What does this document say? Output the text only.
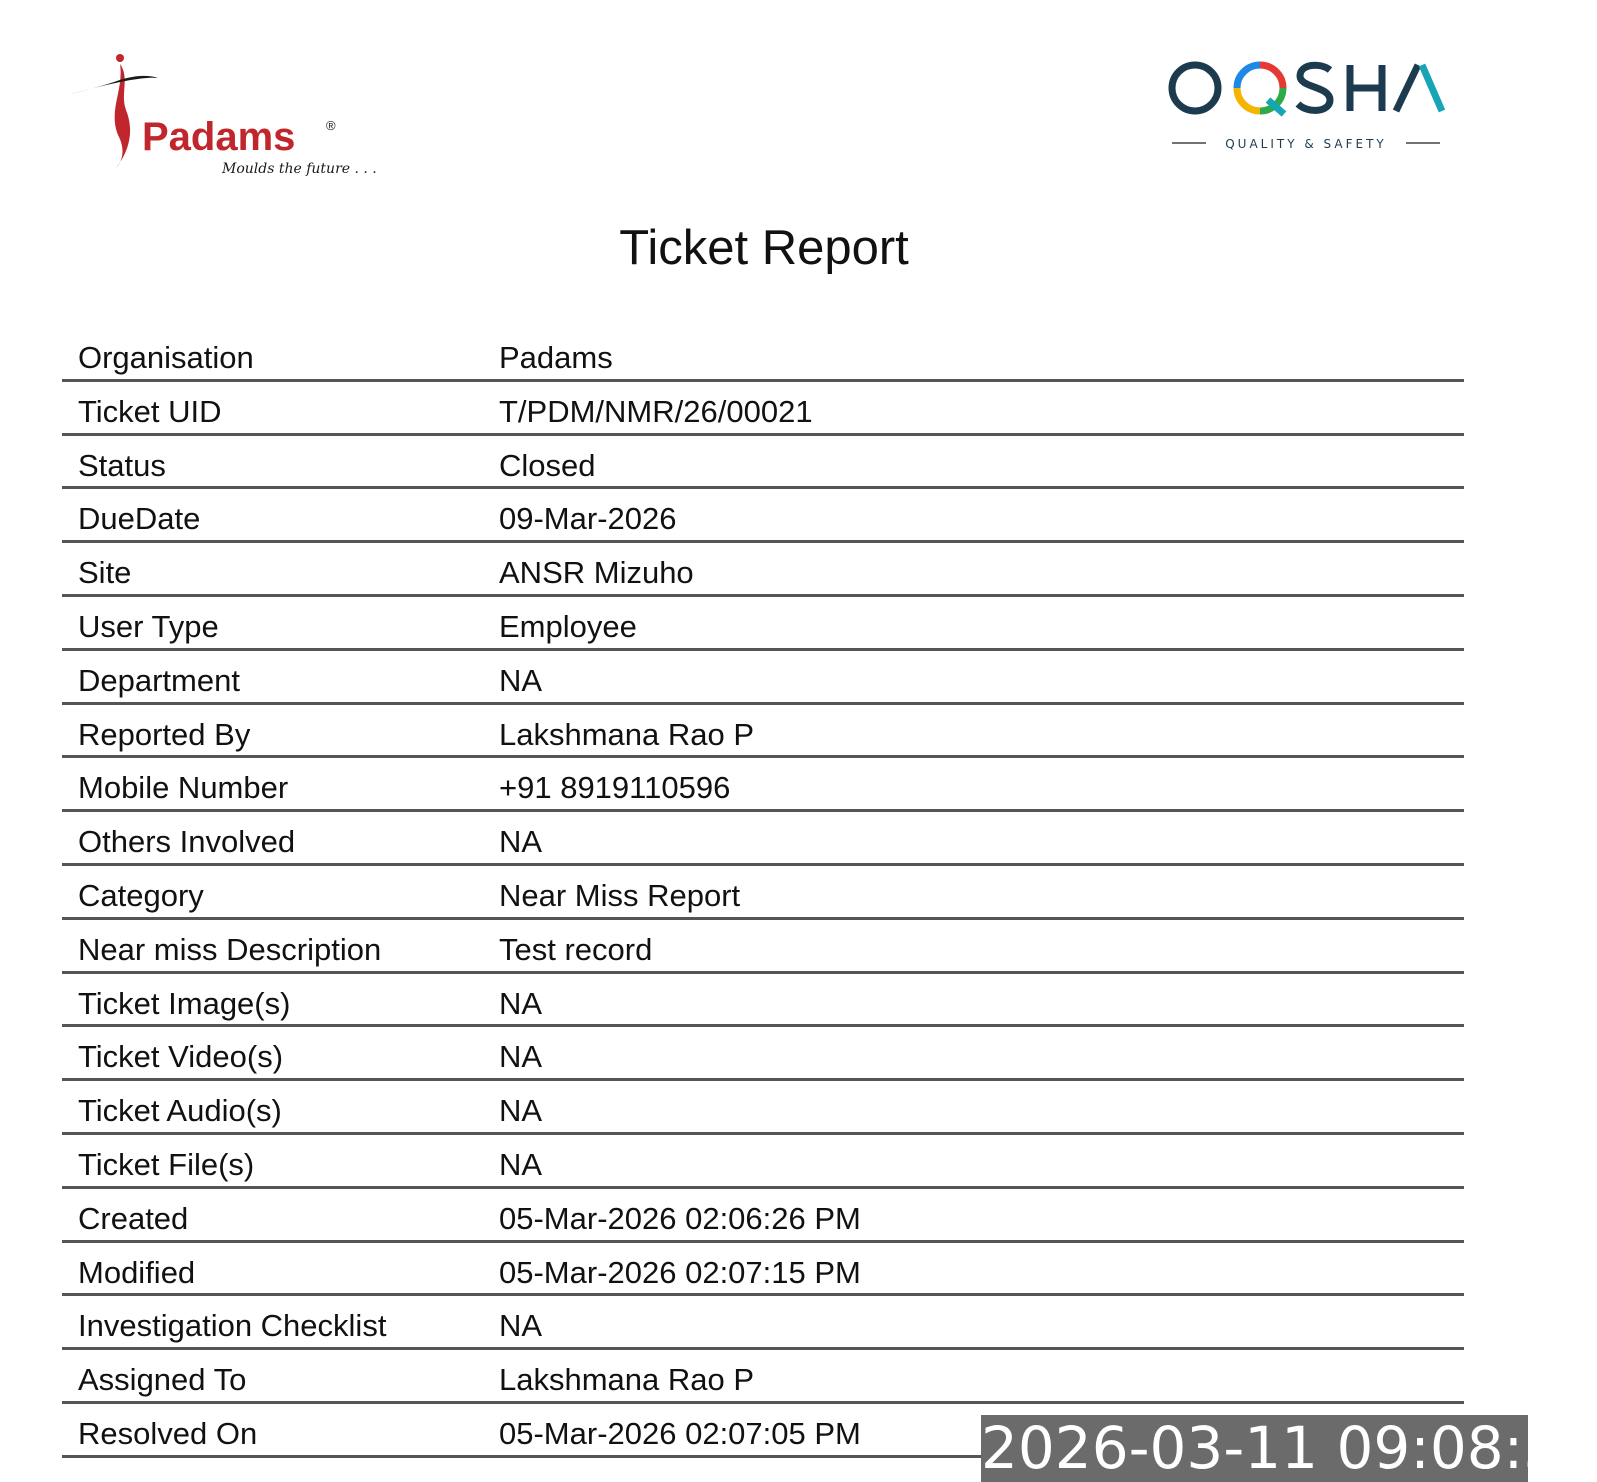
Padams ®
Moulds the future . . .
QUALITY & SAFETY
Ticket Report
Organisation	Padams
Ticket UID	T/PDM/NMR/26/00021
Status	Closed
DueDate	09-Mar-2026
Site	ANSR Mizuho
User Type	Employee
Department	NA
Reported By	Lakshmana Rao P
Mobile Number	+91 8919110596
Others Involved	NA
Category	Near Miss Report
Near miss Description	Test record
Ticket Image(s)	NA
Ticket Video(s)	NA
Ticket Audio(s)	NA
Ticket File(s)	NA
Created	05-Mar-2026 02:06:26 PM
Modified	05-Mar-2026 02:07:15 PM
Investigation Checklist	NA
Assigned To	Lakshmana Rao P
Resolved On	05-Mar-2026 02:07:05 PM 2026-03-11 09:08:30
